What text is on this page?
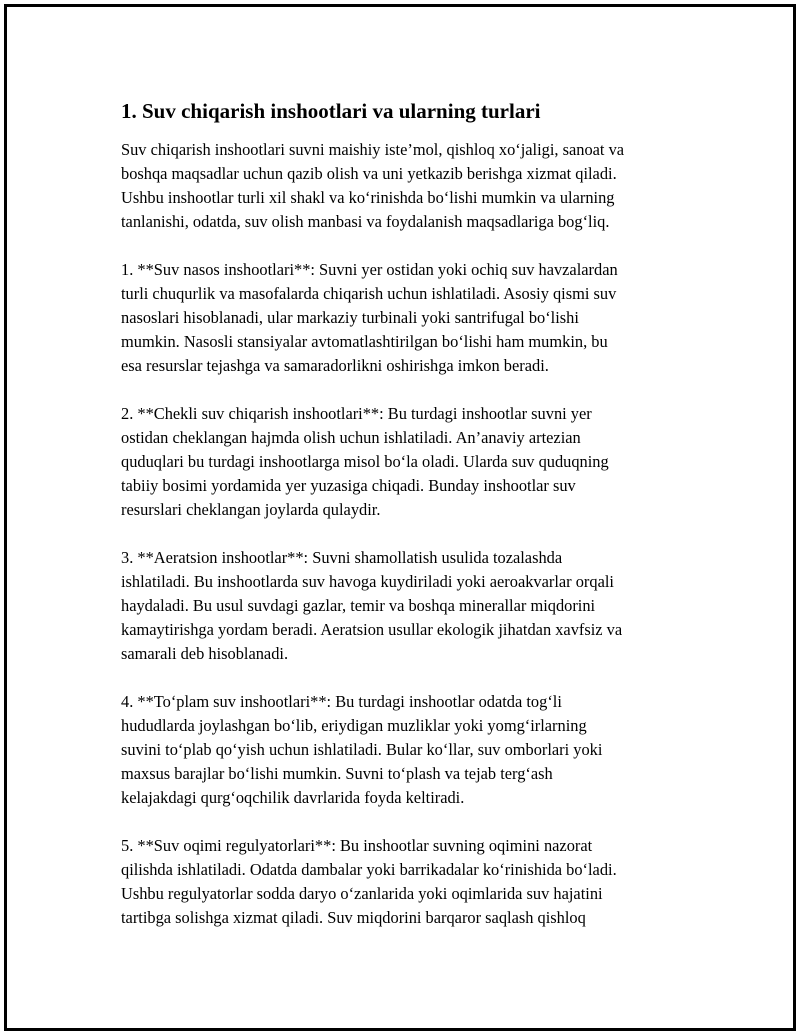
1. Suv chiqarish inshootlari va ularning turlari

Suv chiqarish inshootlari suvni maishiy iste’mol, qishloq xo‘jaligi, sanoat va
boshqa maqsadlar uchun qazib olish va uni yetkazib berishga xizmat qiladi.
Ushbu inshootlar turli xil shakl va ko‘rinishda bo‘lishi mumkin va ularning
tanlanishi, odatda, suv olish manbasi va foydalanish maqsadlariga bog‘liq.

1. **Suv nasos inshootlari**: Suvni yer ostidan yoki ochiq suv havzalardan
turli chuqurlik va masofalarda chiqarish uchun ishlatiladi. Asosiy qismi suv
nasoslari hisoblanadi, ular markaziy turbinali yoki santrifugal bo‘lishi
mumkin. Nasosli stansiyalar avtomatlashtirilgan bo‘lishi ham mumkin, bu
esa resurslar tejashga va samaradorlikni oshirishga imkon beradi.

2. **Chekli suv chiqarish inshootlari**: Bu turdagi inshootlar suvni yer
ostidan cheklangan hajmda olish uchun ishlatiladi. An’anaviy artezian
quduqlari bu turdagi inshootlarga misol bo‘la oladi. Ularda suv quduqning
tabiiy bosimi yordamida yer yuzasiga chiqadi. Bunday inshootlar suv
resurslari cheklangan joylarda qulaydir.

3. **Aeratsion inshootlar**: Suvni shamollatish usulida tozalashda
ishlatiladi. Bu inshootlarda suv havoga kuydiriladi yoki aeroakvarlar orqali
haydaladi. Bu usul suvdagi gazlar, temir va boshqa minerallar miqdorini
kamaytirishga yordam beradi. Aeratsion usullar ekologik jihatdan xavfsiz va
samarali deb hisoblanadi.

4. **To‘plam suv inshootlari**: Bu turdagi inshootlar odatda tog‘li
hududlarda joylashgan bo‘lib, eriydigan muzliklar yoki yomg‘irlarning
suvini to‘plab qo‘yish uchun ishlatiladi. Bular ko‘llar, suv omborlari yoki
maxsus barajlar bo‘lishi mumkin. Suvni to‘plash va tejab terg‘ash
kelajakdagi qurg‘oqchilik davrlarida foyda keltiradi.

5. **Suv oqimi regulyatorlari**: Bu inshootlar suvning oqimini nazorat
qilishda ishlatiladi. Odatda dambalar yoki barrikadalar ko‘rinishida bo‘ladi.
Ushbu regulyatorlar sodda daryo o‘zanlarida yoki oqimlarida suv hajatini
tartibga solishga xizmat qiladi. Suv miqdorini barqaror saqlash qishloq
